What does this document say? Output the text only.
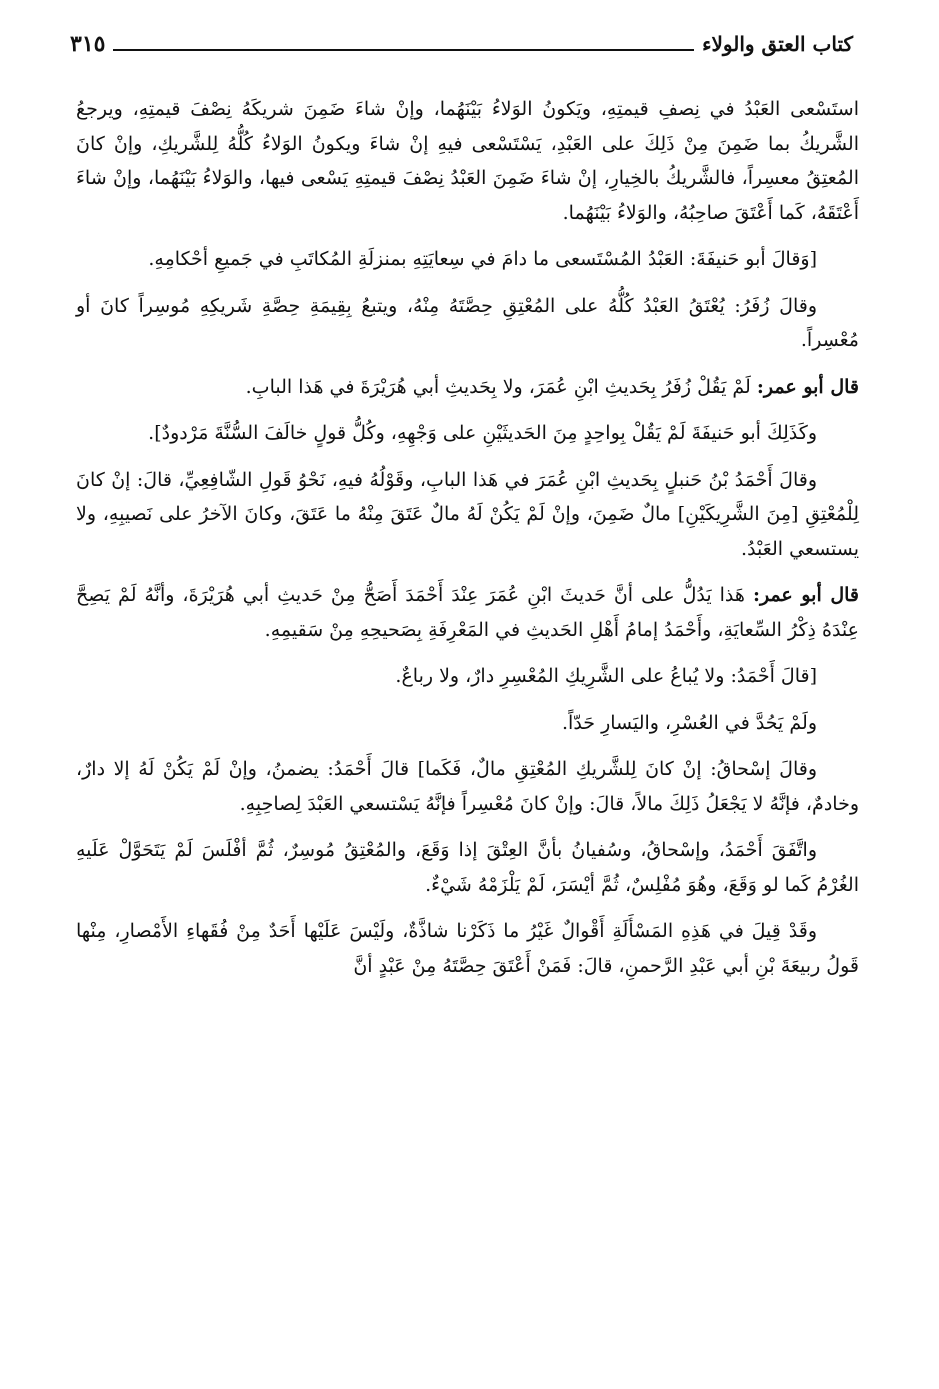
كتاب العتق والولاء
٣١٥

استَسْعى العَبْدُ في نِصفِ قيمتِهِ، ويَكونُ الوَلاءُ بَيْنَهُما، وإنْ شاءَ ضَمِنَ شريكَهُ نِصْفَ قيمتِهِ، ويرجعُ الشَّريكُ بما ضَمِنَ مِنْ ذَلِكَ على العَبْدِ، يَسْتَسْعى فيهِ إنْ شاءَ ويكونُ الوَلاءُ كُلُّهُ لِلشَّريكِ، وإنْ كانَ المُعتِقُ معسِراً، فالشَّريكُ بالخِيارِ، إنْ شاءَ ضَمِنَ العَبْدُ نِصْفَ قيمتِهِ يَسْعى فيها، والوَلاءُ بَيْنَهُما، وإنْ شاءَ أَعْتَقَهُ، كَما أَعْتَقَ صاحِبُهُ، والوَلاءُ بَيْنَهُما.

[وَقالَ أبو حَنيفَةَ: العَبْدُ المُسْتَسعى ما دامَ في سِعايَتِهِ بمنزلَةِ المُكاتَبِ في جَميعِ أحْكامِهِ.

وقالَ زُفَرُ: يُعْتَقُ العَبْدُ كُلُّهُ على المُعْتِقِ حِصَّتَهُ مِنْهُ، ويتبعُ بِقِيمَةِ حِصَّةِ شَريكِهِ مُوسِراً كانَ أو مُعْسِراً.

قال أبو عمر: لَمْ يَقُلْ زُفَرُ بِحَديثِ ابْنِ عُمَرَ، ولا بِحَديثِ أبي هُرَيْرَةَ في هَذا البابِ.

وكَذَلِكَ أبو حَنيفَةَ لَمْ يَقُلْ بِواحِدٍ مِنَ الحَديثَيْنِ على وَجْهِهِ، وكُلُّ قولٍ خالَفَ السُّنَّةَ مَرْدودٌ].

وقالَ أَحْمَدُ بْنُ حَنبلٍ بِحَديثِ ابْنِ عُمَرَ في هَذا البابِ، وقَوْلُهُ فيهِ، نَحْوُ قَولِ الشّافِعِيِّ، قالَ: إنْ كانَ لِلْمُعْتِقِ [مِنَ الشَّرِيكَيْنِ] مالٌ ضَمِنَ، وإنْ لَمْ يَكُنْ لَهُ مالٌ عَتَقَ مِنْهُ ما عَتَقَ، وكانَ الآخرُ على نَصيبِهِ، ولا يستسعي العَبْدُ.

قال أبو عمر: هَذا يَدُلُّ على أنَّ حَديثَ ابْنِ عُمَرَ عِنْدَ أَحْمَدَ أَصَحُّ مِنْ حَديثِ أبي هُرَيْرَةَ، وأنَّهُ لَمْ يَصِحَّ عِنْدَهُ ذِكْرُ السِّعايَةِ، وأَحْمَدُ إمامُ أَهْلِ الحَديثِ في المَعْرِفَةِ بِصَحيحِهِ مِنْ سَقيمِهِ.

[قالَ أَحْمَدُ: ولا يُباعُ على الشَّرِيكِ المُعْسِرِ دارٌ، ولا رباعٌ.

ولَمْ يَحُدَّ في العُسْرِ، واليَسارِ حَدّاً.

وقالَ إسْحاقُ: إنْ كانَ لِلشَّريكِ المُعْتِقِ مالٌ، فَكَما] قالَ أَحْمَدُ: يضمنُ، وإنْ لَمْ يَكُنْ لَهُ إلا دارٌ، وخادمٌ، فإنَّهُ لا يَجْعَلُ ذَلِكَ مالاً، قالَ: وإنْ كانَ مُعْسِراً فإنَّهُ يَسْتسعي العَبْدَ لِصاحِبِهِ.

واتَّفَقَ أَحْمَدُ، وإسْحاقُ، وسُفيانُ بأنَّ العِتْقَ إذا وَقَعَ، والمُعْتِقُ مُوسِرٌ، ثُمَّ أفْلَسَ لَمْ يَتَحَوَّلْ عَلَيهِ الغُرْمُ كَما لو وَقَعَ، وهُوَ مُفْلِسٌ، ثُمَّ أيْسَرَ، لَمْ يَلْزَمْهُ شَيْءٌ.

وقَدْ قِيلَ في هَذِهِ المَسْأَلَةِ أَقْوالٌ غَيْرُ ما ذَكَرْنا شاذَّةٌ، ولَيْسَ عَلَيْها أَحَدٌ مِنْ فُقَهاءِ الأَمْصارِ، مِنْها قَولُ ربيعَةَ بْنِ أبي عَبْدِ الرَّحمنِ، قالَ: فَمَنْ أَعْتَقَ حِصَّتَهُ مِنْ عَبْدٍ أنَّ
